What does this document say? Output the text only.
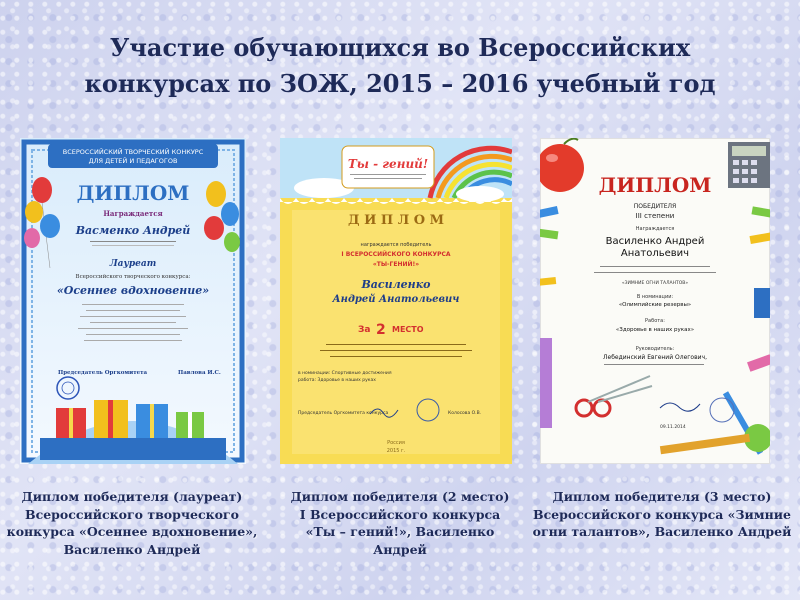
Участие обучающихся во Всероссийских
конкурсах по ЗОЖ, 2015 – 2016 учебный год
ВСЕРОССИЙСКИЙ ТВОРЧЕСКИЙ КОНКУРС
ДЛЯ ДЕТЕЙ И ПЕДАГОГОВ
ДИПЛОМ
Награждается
Васменко Андрей
Лауреат
Всероссийского творческого конкурса:
«Осеннее вдохновение»
Председатель Оргкомитета	Павлова И.С.
Ты - гений!
Д И П Л О М
награждается победитель
I ВСЕРОССИЙСКОГО КОНКУРСА
«ТЫ-ГЕНИЙ!»
Василенко
Андрей Анатольевич
За 2 МЕСТО
в номинации: Спортивные достижения
работа: Здоровье в наших руках
Председатель Оргкомитета конкурса	Колосова О.В.
Россия
2015 г.
ДИПЛОМ
ПОБЕДИТЕЛЯ
III степени
Награждается
Василенко Андрей
Анатольевич
«ЗИМНИЕ ОГНИ ТАЛАНТОВ»
В номинации:
«Олимпийские резервы»
Работа:
«Здоровье в наших руках»
Руководитель:
Лебединский Евгений Олегович,
09.11.2014
Диплом победителя (лауреат)
Всероссийского творческого
конкурса «Осеннее вдохновение»,
Василенко Андрей
Диплом победителя (2 место)
I Всероссийского конкурса
«Ты – гений!», Василенко
Андрей
Диплом победителя (3 место)
Всероссийского конкурса «Зимние
огни талантов», Василенко Андрей
